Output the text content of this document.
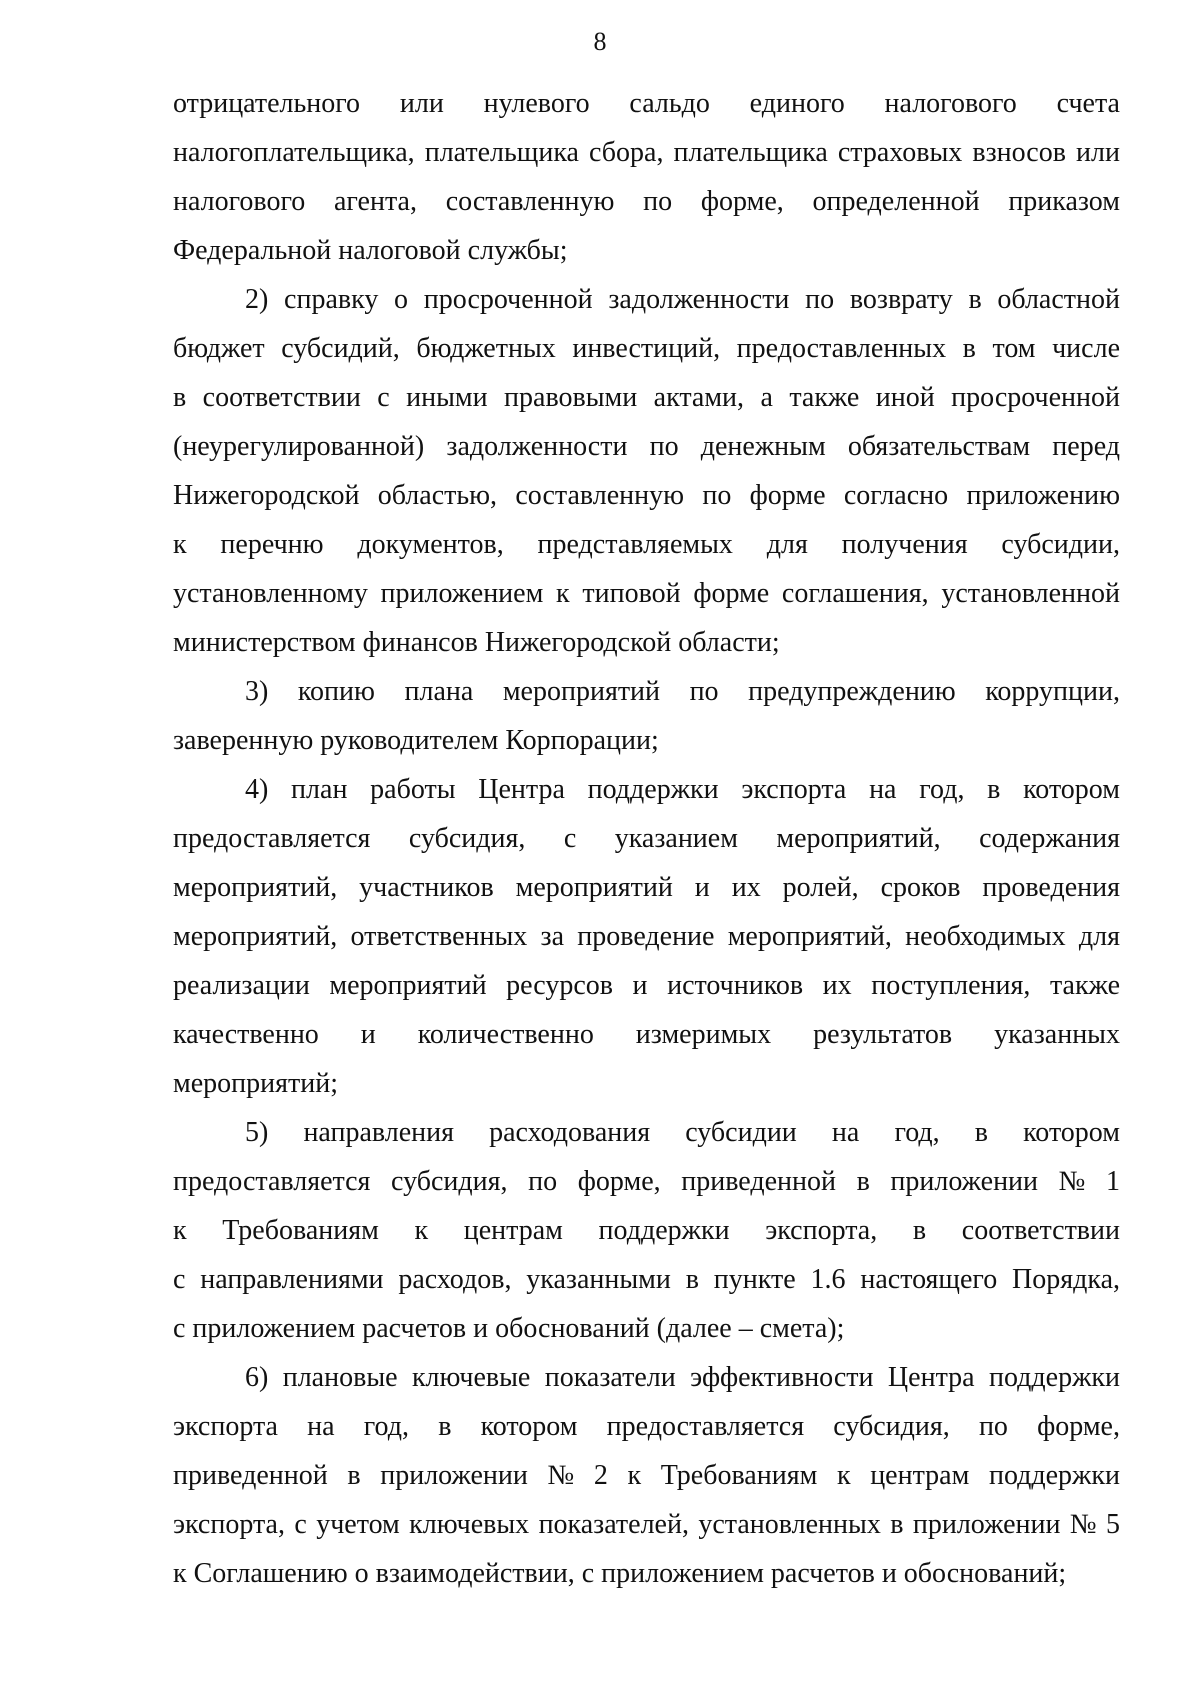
8
отрицательного или нулевого сальдо единого налогового счета
налогоплательщика, плательщика сбора, плательщика страховых взносов или
налогового агента, составленную по форме, определенной приказом
Федеральной налоговой службы;
2) справку о просроченной задолженности по возврату в областной
бюджет субсидий, бюджетных инвестиций, предоставленных в том числе
в соответствии с иными правовыми актами, а также иной просроченной
(неурегулированной) задолженности по денежным обязательствам перед
Нижегородской областью, составленную по форме согласно приложению
к перечню документов, представляемых для получения субсидии,
установленному приложением к типовой форме соглашения, установленной
министерством финансов Нижегородской области;
3) копию плана мероприятий по предупреждению коррупции,
заверенную руководителем Корпорации;
4) план работы Центра поддержки экспорта на год, в котором
предоставляется субсидия, с указанием мероприятий, содержания
мероприятий, участников мероприятий и их ролей, сроков проведения
мероприятий, ответственных за проведение мероприятий, необходимых для
реализации мероприятий ресурсов и источников их поступления, также
качественно и количественно измеримых результатов указанных
мероприятий;
5) направления расходования субсидии на год, в котором
предоставляется субсидия, по форме, приведенной в приложении № 1
к Требованиям к центрам поддержки экспорта, в соответствии
с направлениями расходов, указанными в пункте 1.6 настоящего Порядка,
с приложением расчетов и обоснований (далее – смета);
6) плановые ключевые показатели эффективности Центра поддержки
экспорта на год, в котором предоставляется субсидия, по форме,
приведенной в приложении № 2 к Требованиям к центрам поддержки
экспорта, с учетом ключевых показателей, установленных в приложении № 5
к Соглашению о взаимодействии, с приложением расчетов и обоснований;
